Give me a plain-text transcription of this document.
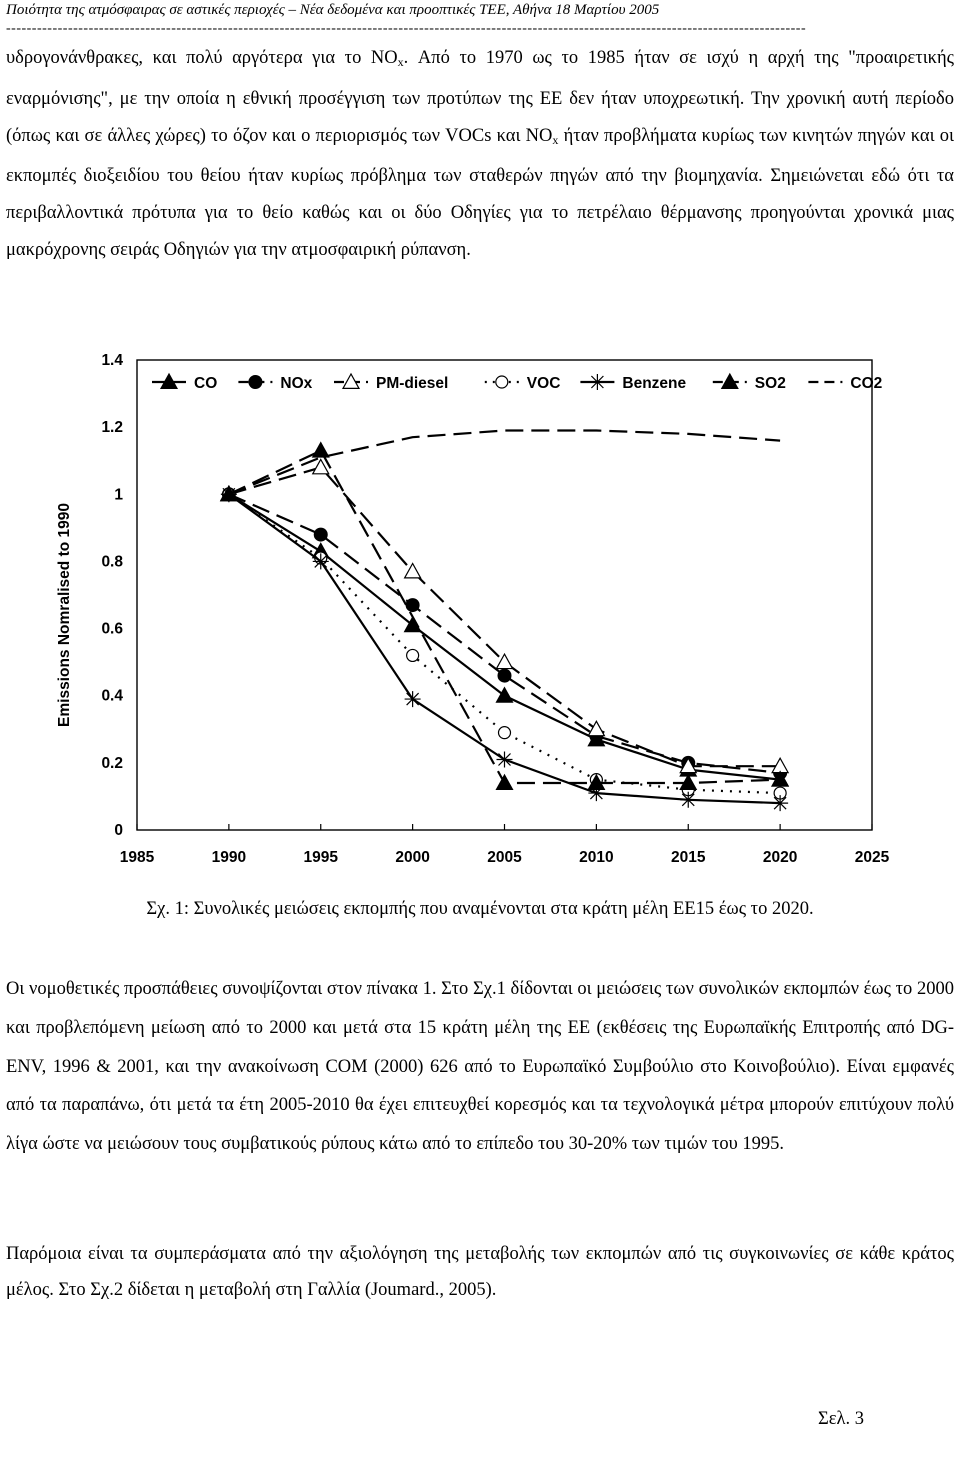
Ποιότητα της ατμόσφαιρας σε αστικές περιοχές – Νέα δεδομένα και προοπτικές ΤΕΕ, Αθήνα 18 Μαρτίου 2005
-----------------------------------------------------------------------------------------------------------------------------------------------------------
υδρογονάνθρακες, και πολύ αργότερα για το $NO_x$. Από το 1970 ως το 1985 ήταν σε ισχύ η αρχή της "προαιρετικής εναρμόνισης", με την οποία η εθνική προσέγγιση των προτύπων της ΕΕ δεν ήταν υποχρεωτική. Την χρονική αυτή περίοδο (όπως και σε άλλες χώρες) το όζον και ο περιορισμός των VOCs και $NO_x$ ήταν προβλήματα κυρίως των κινητών πηγών και οι εκπομπές διοξειδίου του θείου ήταν κυρίως πρόβλημα των σταθερών πηγών από την βιομηχανία. Σημειώνεται εδώ ότι τα περιβαλλοντικά πρότυπα για το θείο καθώς και οι δύο Οδηγίες για το πετρέλαιο θέρμανσης προηγούνται χρονικά μιας μακρόχρονης σειράς Οδηγιών για την ατμοσφαιρική ρύπανση.
0
0.2
0.4
0.6
0.8
1
1.2
1.4
1985	1990	1995	2000	2005	2010	2015	2020	2025
Emissions Nomralised to 1990
CO	NOx	PM-diesel	VOC	Benzene	SO2	CO2
Σχ. 1: Συνολικές μειώσεις εκπομπής που αναμένονται στα κράτη μέλη ΕΕ15 έως το 2020.
Οι νομοθετικές προσπάθειες συνοψίζονται στον πίνακα 1. Στο Σχ.1 δίδονται οι μειώσεις των συνολικών εκπομπών έως το 2000 και προβλεπόμενη μείωση από το 2000 και μετά στα 15 κράτη μέλη της ΕΕ (εκθέσεις της Ευρωπαϊκής Επιτροπής από DG-ENV, 1996 & 2001, και την ανακοίνωση COM (2000) 626 από το Ευρωπαϊκό Συμβούλιο στο Κοινοβούλιο). Είναι εμφανές από τα παραπάνω, ότι μετά τα έτη 2005-2010 θα έχει επιτευχθεί κορεσμός και τα τεχνολογικά μέτρα μπορούν επιτύχουν πολύ λίγα ώστε να μειώσουν τους συμβατικούς ρύπους κάτω από το επίπεδο του 30-20% των τιμών του 1995.
Παρόμοια είναι τα συμπεράσματα από την αξιολόγηση της μεταβολής των εκπομπών από τις συγκοινωνίες σε κάθε κράτος μέλος. Στο Σχ.2 δίδεται η μεταβολή στη Γαλλία (Joumard., 2005).
Σελ. 3
